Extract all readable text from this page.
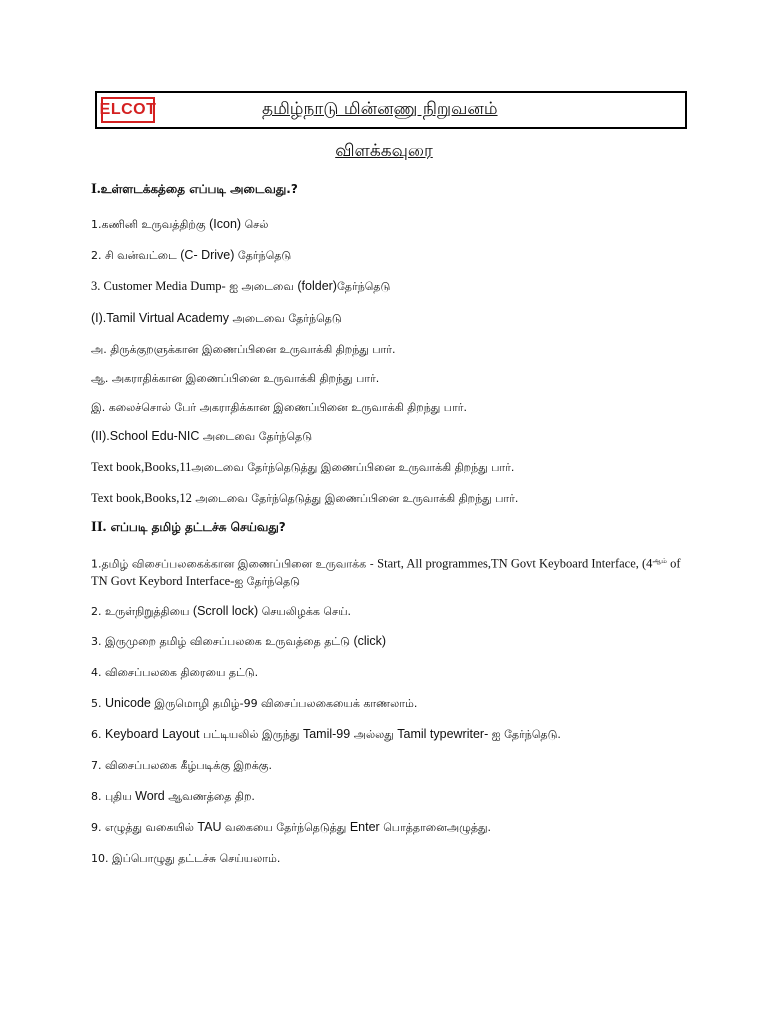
ELCOT	தமிழ்நாடு மின்னணு நிறுவனம்
விளக்கவுரை
I.உள்ளடக்கத்தை எப்படி அடைவது.?
1.கணினி உருவத்திற்கு (Icon) செல்
2. சி வன்வட்டை (C- Drive) தேர்ந்தெடு
3. Customer Media Dump- ஐ அடைவை (folder)தேர்ந்தெடு
(I).Tamil Virtual Academy அடைவை தேர்ந்தெடு
அ. திருக்குறளுக்கான இணைப்பினை உருவாக்கி திறந்து பார்.
ஆ. அகராதிக்கான இணைப்பினை உருவாக்கி திறந்து பார்.
இ. கலைச்சொல் பேர் அகராதிக்கான இணைப்பினை உருவாக்கி திறந்து பார்.
(II).School Edu-NIC அடைவை தேர்ந்தெடு
Text book,Books,11அடைவை தேர்ந்தெடுத்து இணைப்பினை உருவாக்கி திறந்து பார்.
Text book,Books,12 அடைவை தேர்ந்தெடுத்து இணைப்பினை உருவாக்கி திறந்து பார்.
II. எப்படி தமிழ் தட்டச்சு செய்வது?
1.தமிழ் விசைப்பலகைக்கான இணைப்பினை உருவாக்க - Start, All programmes,TN Govt Keyboard Interface, ($4^{ஆம்}$ of TN Govt Keybord Interface-ஐ தேர்ந்தெடு
2. உருள்நிறுத்தியை (Scroll lock) செயலிழக்க செய்.
3. இருமுறை தமிழ் விசைப்பலகை உருவத்தை தட்டு (click)
4. விசைப்பலகை திரையை தட்டு.
5. Unicode இருமொழி தமிழ்-99 விசைப்பலகையைக் காணலாம்.
6. Keyboard Layout பட்டியலில் இருந்து Tamil-99 அல்லது Tamil typewriter- ஐ தேர்ந்தெடு.
7. விசைப்பலகை கீழ்படிக்கு இறக்கு.
8. புதிய Word ஆவணத்தை திற.
9. எழுத்து வகையில் TAU வகையை தேர்ந்தெடுத்து Enter பொத்தானைஅழுத்து.
10. இப்பொழுது தட்டச்சு செய்யலாம்.
